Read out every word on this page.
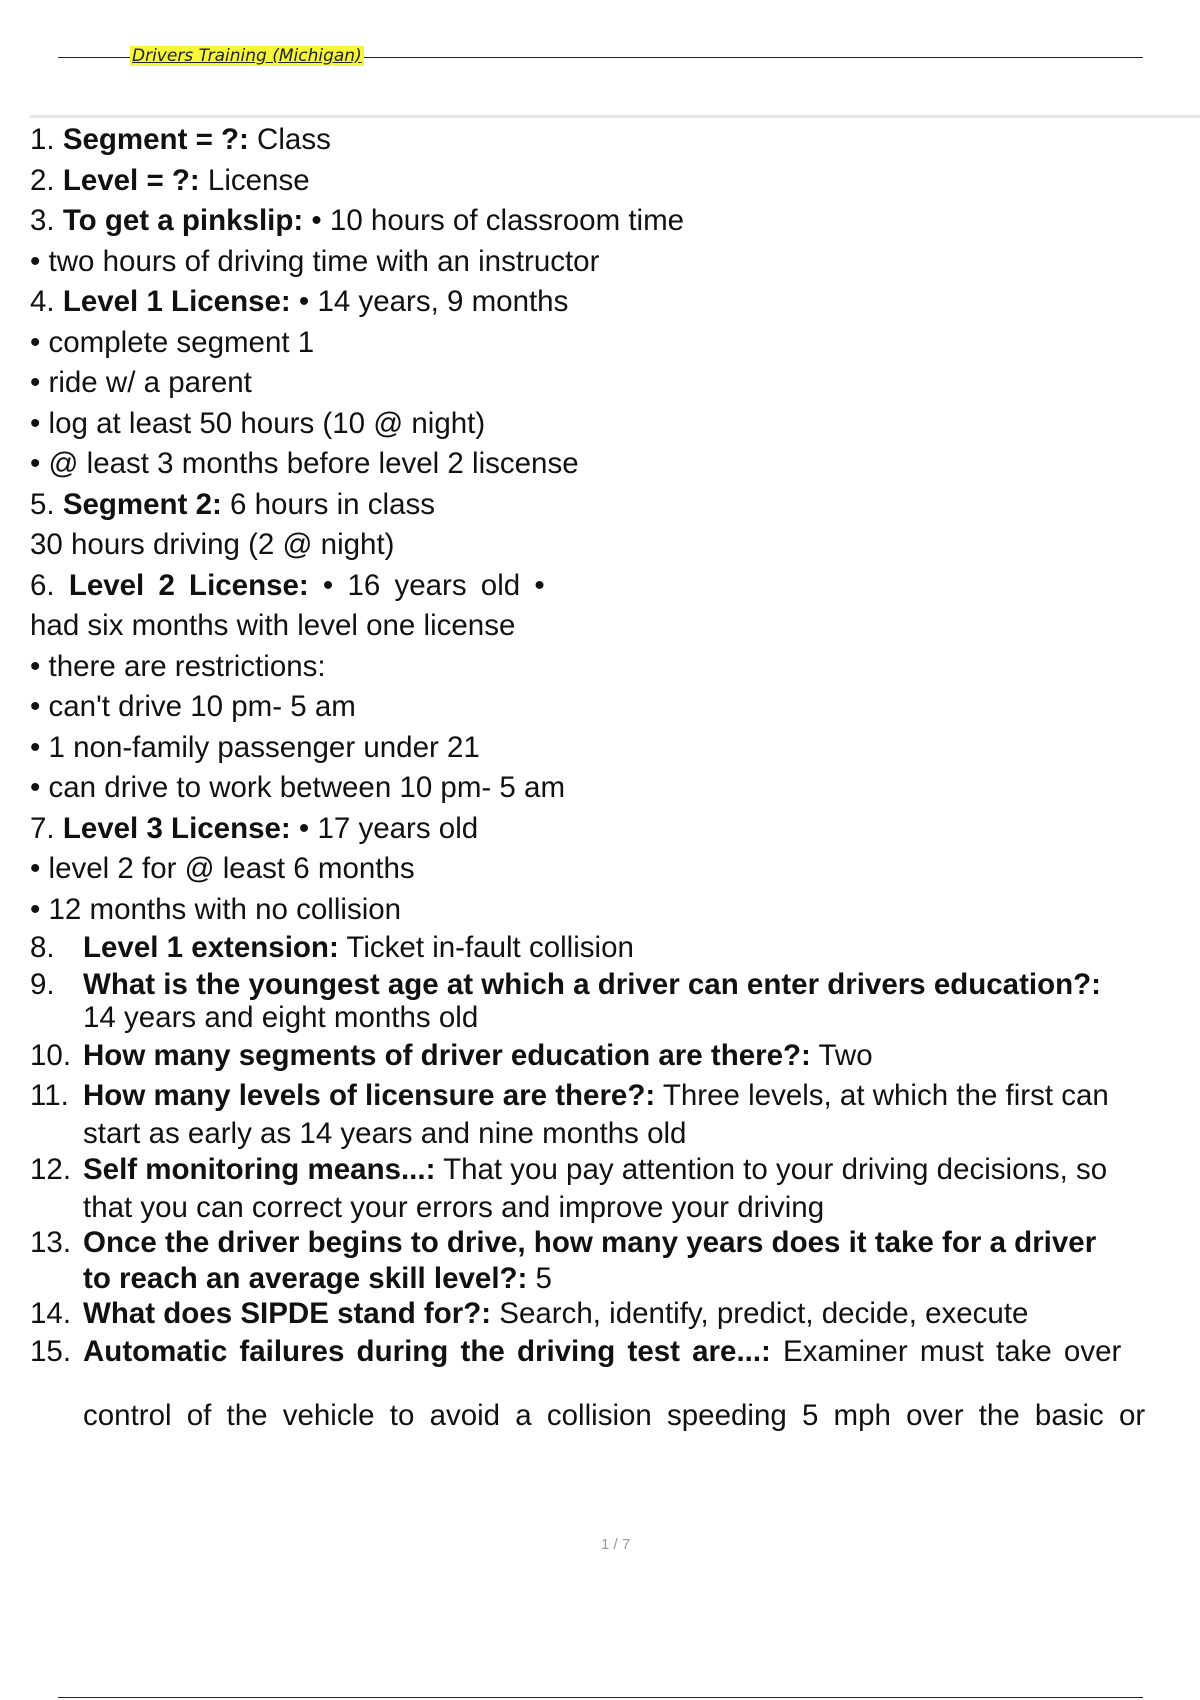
Drivers Training (Michigan)
1. Segment = ?: Class
2. Level = ?: License
3. To get a pinkslip: • 10 hours of classroom time
• two hours of driving time with an instructor
4. Level 1 License: • 14 years, 9 months
• complete segment 1
• ride w/ a parent
• log at least 50 hours (10 @ night)
• @ least 3 months before level 2 liscense
5. Segment 2: 6 hours in class
30 hours driving (2 @ night)
6. Level 2 License: • 16 years old •
had six months with level one license
• there are restrictions:
• can't drive 10 pm- 5 am
• 1 non-family passenger under 21
• can drive to work between 10 pm- 5 am
7. Level 3 License: • 17 years old
• level 2 for @ least 6 months
• 12 months with no collision
8. Level 1 extension: Ticket in-fault collision
9. What is the youngest age at which a driver can enter drivers education?:
14 years and eight months old
10. How many segments of driver education are there?: Two
11. How many levels of licensure are there?: Three levels, at which the first can
start as early as 14 years and nine months old
12. Self monitoring means...: That you pay attention to your driving decisions, so
that you can correct your errors and improve your driving
13. Once the driver begins to drive, how many years does it take for a driver
to reach an average skill level?: 5
14. What does SIPDE stand for?: Search, identify, predict, decide, execute
15. Automatic failures during the driving test are...: Examiner must take over
control of the vehicle to avoid a collision speeding 5 mph over the basic or
1 / 7
